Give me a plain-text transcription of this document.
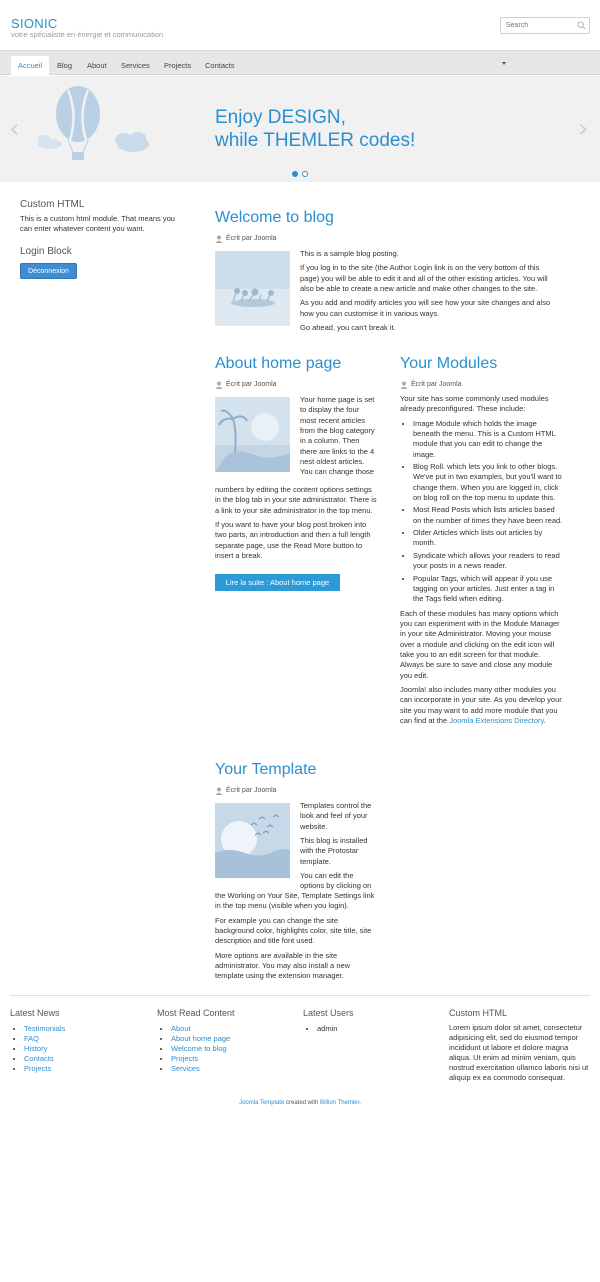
SIONIC
votre spécialiste en énergie et communication
Search
Accueil	Blog	About	Services	Projects	Contacts
‹	›
Enjoy DESIGN,
while THEMLER codes!
Custom HTML
This is a custom html module. That means you can enter whatever content you want.
Login Block
Déconnexion
Welcome to blog
Écrit par Joomla

This is a sample blog posting.

If you log in to the site (the Author Login link is on the very bottom of this page) you will be able to edit it and all of the other existing articles. You will also be able to create a new article and make other changes to the site.

As you add and modify articles you will see how your site changes and also how you can customise it in various ways.

Go ahead, you can't break it.

About home page
Écrit par Joomla
Your home page is set to display the four most recent articles from the blog category in a column. Then there are links to the 4 nest oldest articles. You can change those

numbers by editing the content options settings in the blog tab in your site administrator. There is a link to your site administrator in the top menu.

If you want to have your blog post broken into two parts, an introduction and then a full length separate page, use the Read More button to insert a break.

Lire la suite : About home page
Your Modules
Écrit par Joomla

Your site has some commonly used modules already preconfigured. These include:

• Image Module which holds the image beneath the menu. This is a Custom HTML module that you can edit to change the image.
• Blog Roll. which lets you link to other blogs. We've put in two examples, but you'll want to change them. When you are logged in, click on blog roll on the top menu to update this.
• Most Read Posts which lists articles based on the number of times they have been read.
• Older Articles which lists out articles by month.
• Syndicate which allows your readers to read your posts in a news reader.
• Popular Tags, which will appear if you use tagging on your articles. Just enter a tag in the Tags field when editing.

Each of these modules has many options which you can experiment with in the Module Manager in your site Administrator. Moving your mouse over a module and clicking on the edit icon will take you to an edit screen for that module. Always be sure to save and close any module you edit.

Joomla! also includes many other modules you can incorporate in your site. As you develop your site you may want to add more module that you can find at the Joomla Extensions Directory.

Your Template
Écrit par Joomla

Templates control the look and feel of your website.

This blog is installed with the Protostar template.

You can edit the options by clicking on

the Working on Your Site, Template Settings link in the top menu (visible when you login).

For example you can change the site background color, highlights color, site title, site description and title font used.

More options are available in the site administrator. You may also install a new template using the extension manager.

Latest News
• Testimonials
• FAQ
• History
• Contacts
• Projects
Most Read Content
• About
• About home page
• Welcome to blog
• Projects
• Services
Latest Users
• admin
Custom HTML
Lorem ipsum dolor sit amet, consectetur adipisicing elit, sed do eiusmod tempor incididunt ut labore et dolore magna aliqua. Ut enim ad minim veniam, quis nostrud exercitation ullamco laboris nisi ut aliquip ex ea commodo consequat.
Joomla Template created with Billion Themler.
